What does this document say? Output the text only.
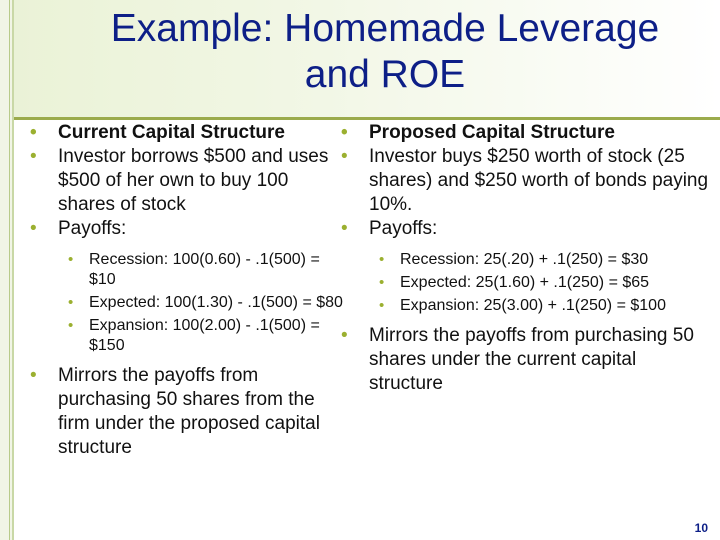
Example: Homemade Leverage
and ROE
• Current Capital Structure
• Investor borrows $500 and uses $500 of her own to buy 100 shares of stock
• Payoffs:
• Recession: 100(0.60) - .1(500) = $10
• Expected: 100(1.30) - .1(500) = $80
• Expansion: 100(2.00) - .1(500) = $150
• Mirrors the payoffs from purchasing 50 shares from the firm under the proposed capital structure
• Proposed Capital Structure
• Investor buys $250 worth of stock (25 shares) and $250 worth of bonds paying 10%.
• Payoffs:
• Recession: 25(.20) + .1(250) = $30
• Expected: 25(1.60) + .1(250) = $65
• Expansion: 25(3.00) + .1(250) = $100
• Mirrors the payoffs from purchasing 50 shares under the current capital structure
10
